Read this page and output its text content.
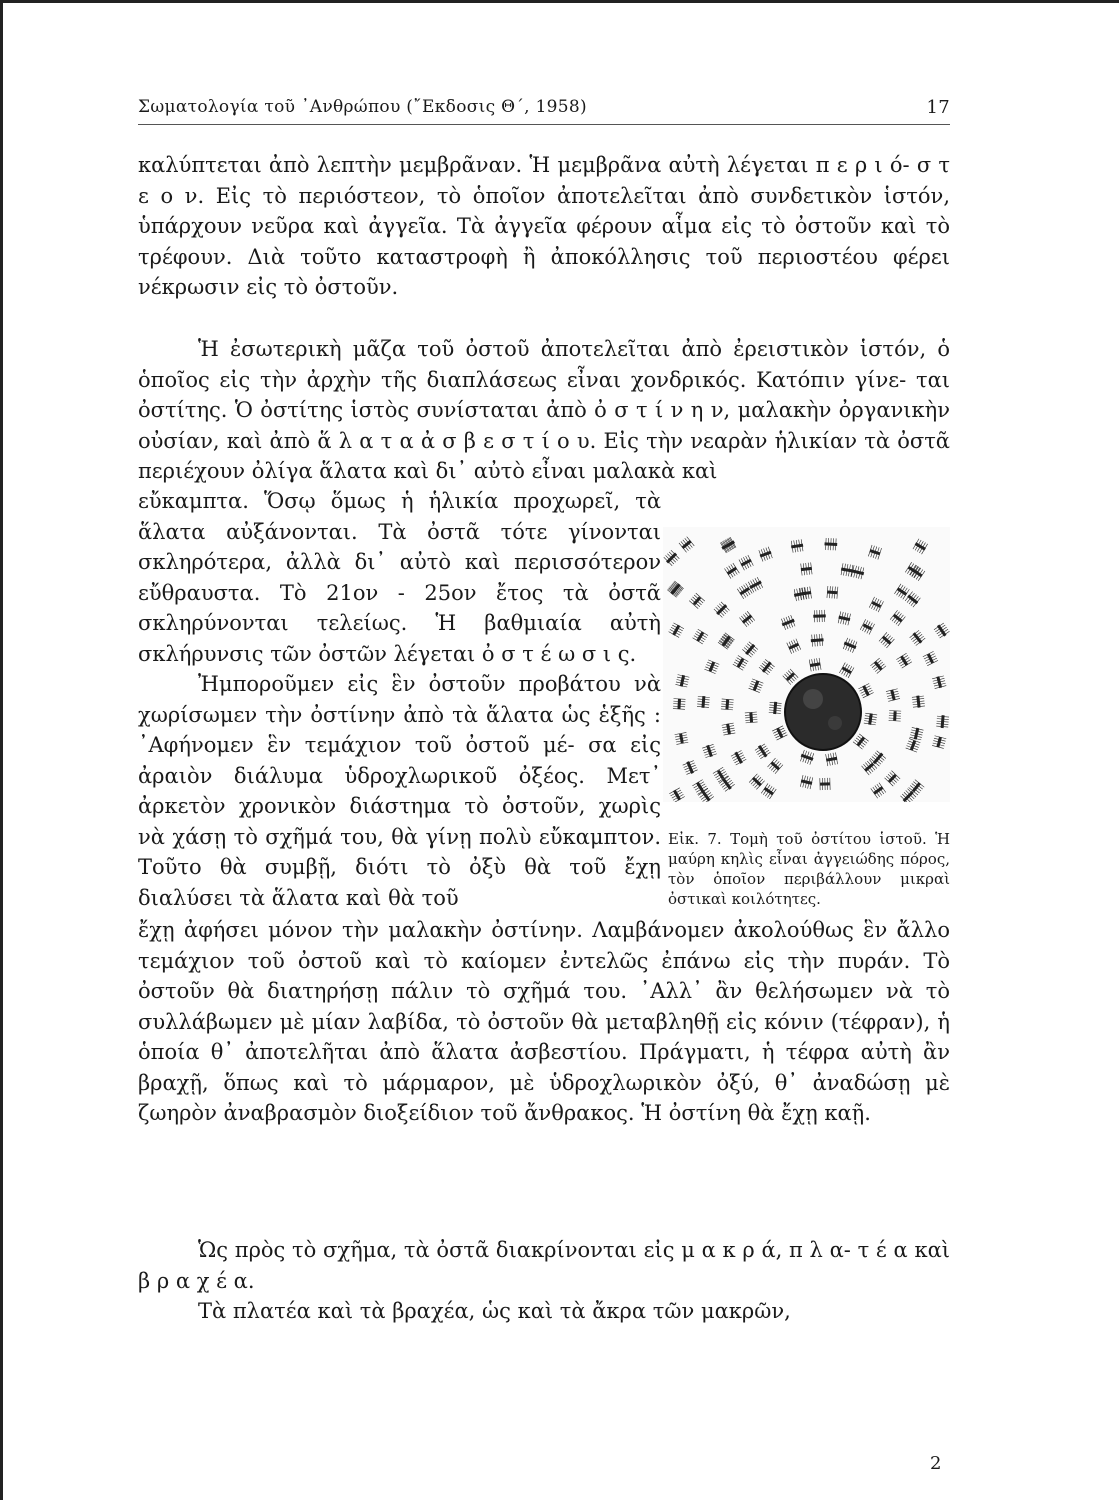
Σωματολογία τοῦ ᾿Ανθρώπου (῎Εκδοσις Θ΄, 1958)	17

καλύπτεται ἀπὸ λεπτὴν μεμβρᾶναν. Ἡ μεμβρᾶνα αὐτὴ λέγεται π ε ρ ι ό- σ τ ε ο ν. Εἰς τὸ περιόστεον, τὸ ὁποῖον ἀποτελεῖται ἀπὸ συνδετικὸν ἱστόν, ὑπάρχουν νεῦρα καὶ ἀγγεῖα. Τὰ ἀγγεῖα φέρουν αἷμα εἰς τὸ ὀστοῦν καὶ τὸ τρέφουν. Διὰ τοῦτο καταστροφὴ ἢ ἀποκόλλησις τοῦ περιοστέου φέρει νέκρωσιν εἰς τὸ ὀστοῦν.

Ἡ ἐσωτερικὴ μᾶζα τοῦ ὀστοῦ ἀποτελεῖται ἀπὸ ἐρειστικὸν ἱστόν, ὁ ὁποῖος εἰς τὴν ἀρχὴν τῆς διαπλάσεως εἶναι χονδρικός. Κατόπιν γίνε- ται ὀστίτης. Ὁ ὀστίτης ἱστὸς συνίσταται ἀπὸ ὀ σ τ ί ν η ν, μαλακὴν ὀργανικὴν οὐσίαν, καὶ ἀπὸ ἅ λ α τ α ἀ σ β ε σ τ ί ο υ. Εἰς τὴν νεαρὰν ἡλικίαν τὰ ὀστᾶ περιέχουν ὀλίγα ἅλατα καὶ δι᾽ αὐτὸ εἶναι μαλακὰ καὶ

εὔκαμπτα. Ὅσῳ ὅμως ἡ ἡλικία προχωρεῖ, τὰ ἅλατα αὐξάνονται. Τὰ ὀστᾶ τότε γίνονται σκληρότερα, ἀλλὰ δι᾽ αὐτὸ καὶ περισσότερον εὔθραυστα. Τὸ 21ον - 25ον ἔτος τὰ ὀστᾶ σκληρύνονται τελείως. Ἡ βαθμιαία αὐτὴ σκλήρυνσις τῶν ὀστῶν λέγεται ὀ σ τ έ ω σ ι ς.

Ἠμποροῦμεν εἰς ἓν ὀστοῦν προβάτου νὰ χωρίσωμεν τὴν ὀστίνην ἀπὸ τὰ ἅλατα ὡς ἑξῆς : ᾿Αφήνομεν ἓν τεμάχιον τοῦ ὀστοῦ μέ- σα εἰς ἀραιὸν διάλυμα ὑδροχλωρικοῦ ὀξέος. Μετ᾽ ἀρκετὸν χρονικὸν διάστημα τὸ ὀστοῦν, χωρὶς νὰ χάσῃ τὸ σχῆμά του, θὰ γίνῃ πολὺ εὔκαμπτον. Τοῦτο θὰ συμβῇ, διότι τὸ ὀξὺ θὰ τοῦ ἔχῃ διαλύσει τὰ ἅλατα καὶ θὰ τοῦ

Εἰκ. 7. Τομὴ τοῦ ὀστίτου ἱστοῦ. Ἡ μαύρη κηλὶς εἶναι ἀγγειώδης πόρος, τὸν ὁποῖον περιβάλλουν μικραὶ ὀστικαὶ κοιλότητες.

ἔχῃ ἀφήσει μόνον τὴν μαλακὴν ὀστίνην. Λαμβάνομεν ἀκολούθως ἓν ἄλλο τεμάχιον τοῦ ὀστοῦ καὶ τὸ καίομεν ἐντελῶς ἐπάνω εἰς τὴν πυράν. Τὸ ὀστοῦν θὰ διατηρήσῃ πάλιν τὸ σχῆμά του. ᾿Αλλ᾽ ἂν θελήσωμεν νὰ τὸ συλλάβωμεν μὲ μίαν λαβίδα, τὸ ὀστοῦν θὰ μεταβληθῇ εἰς κόνιν (τέφραν), ἡ ὁποία θ᾽ ἀποτελῆται ἀπὸ ἅλατα ἀσβεστίου. Πράγματι, ἡ τέφρα αὐτὴ ἂν βραχῇ, ὅπως καὶ τὸ μάρμαρον, μὲ ὑδροχλωρικὸν ὀξύ, θ᾽ ἀναδώσῃ μὲ ζωηρὸν ἀναβρασμὸν διοξείδιον τοῦ ἄνθρακος. Ἡ ὀστίνη θὰ ἔχῃ καῇ.

Ὡς πρὸς τὸ σχῆμα, τὰ ὀστᾶ διακρίνονται εἰς μ α κ ρ ά, π λ α- τ έ α καὶ β ρ α χ έ α.

Τὰ πλατέα καὶ τὰ βραχέα, ὡς καὶ τὰ ἄκρα τῶν μακρῶν,

2
